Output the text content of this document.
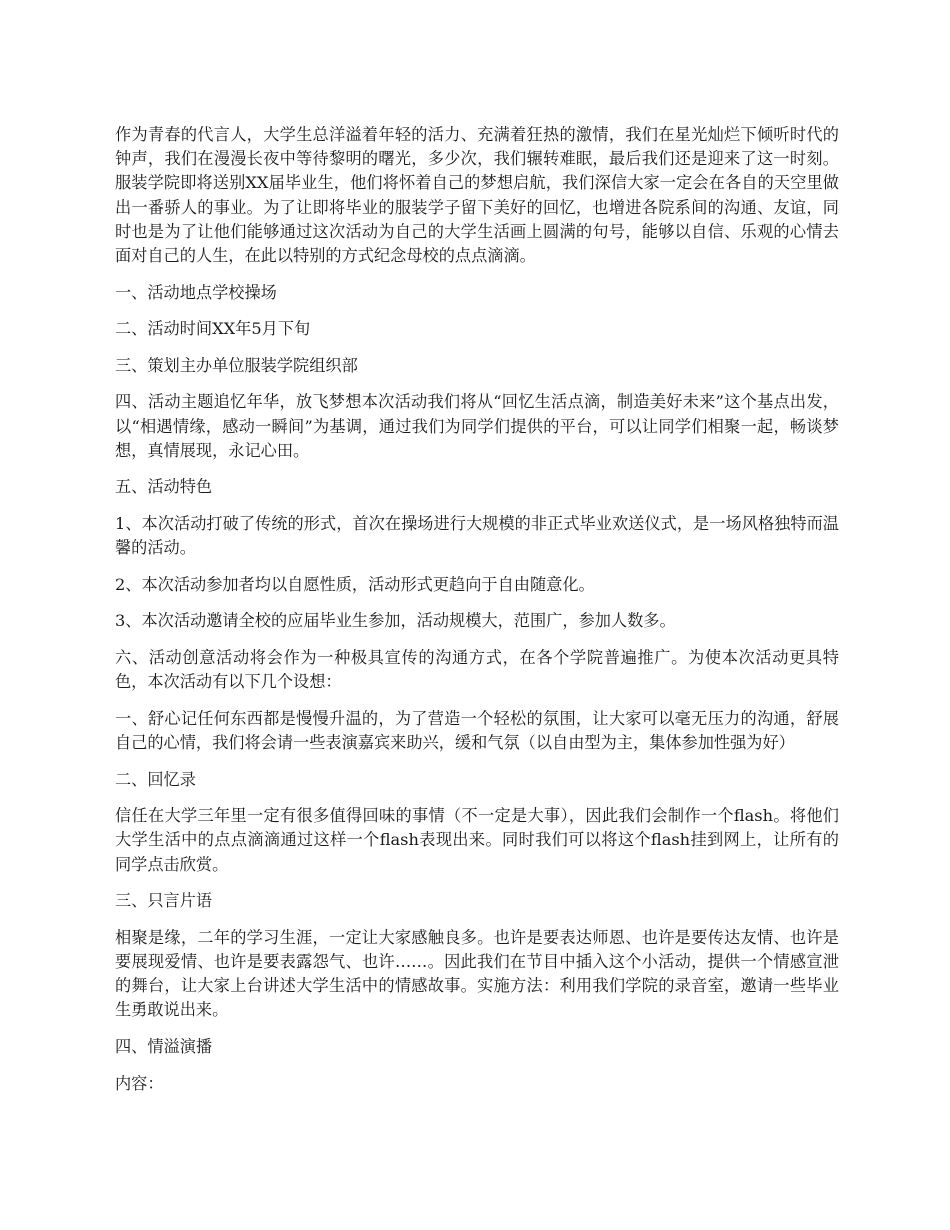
作为青春的代言人，大学生总洋溢着年轻的活力、充满着狂热的激情，我们在星光灿烂下倾听时代的钟声，我们在漫漫长夜中等待黎明的曙光，多少次，我们辗转难眠，最后我们还是迎来了这一时刻。服装学院即将送别XX届毕业生，他们将怀着自己的梦想启航，我们深信大家一定会在各自的天空里做出一番骄人的事业。为了让即将毕业的服装学子留下美好的回忆，也增进各院系间的沟通、友谊，同时也是为了让他们能够通过这次活动为自己的大学生活画上圆满的句号，能够以自信、乐观的心情去面对自己的人生，在此以特别的方式纪念母校的点点滴滴。

一、活动地点学校操场

二、活动时间XX年5月下旬

三、策划主办单位服装学院组织部

四、活动主题追忆年华，放飞梦想本次活动我们将从“回忆生活点滴，制造美好未来”这个基点出发，以“相遇情缘，感动一瞬间”为基调，通过我们为同学们提供的平台，可以让同学们相聚一起，畅谈梦想，真情展现，永记心田。

五、活动特色

1、本次活动打破了传统的形式，首次在操场进行大规模的非正式毕业欢送仪式，是一场风格独特而温馨的活动。

2、本次活动参加者均以自愿性质，活动形式更趋向于自由随意化。

3、本次活动邀请全校的应届毕业生参加，活动规模大，范围广，参加人数多。

六、活动创意活动将会作为一种极具宣传的沟通方式，在各个学院普遍推广。为使本次活动更具特色，本次活动有以下几个设想：

一、舒心记任何东西都是慢慢升温的，为了营造一个轻松的氛围，让大家可以毫无压力的沟通，舒展自己的心情，我们将会请一些表演嘉宾来助兴，缓和气氛（以自由型为主，集体参加性强为好）

二、回忆录

信任在大学三年里一定有很多值得回味的事情（不一定是大事），因此我们会制作一个flash。将他们大学生活中的点点滴滴通过这样一个flash表现出来。同时我们可以将这个flash挂到网上，让所有的同学点击欣赏。

三、只言片语

相聚是缘，二年的学习生涯，一定让大家感触良多。也许是要表达师恩、也许是要传达友情、也许是要展现爱情、也许是要表露怨气、也许……。因此我们在节目中插入这个小活动，提供一个情感宣泄的舞台，让大家上台讲述大学生活中的情感故事。实施方法：利用我们学院的录音室，邀请一些毕业生勇敢说出来。

四、情溢演播

内容：
